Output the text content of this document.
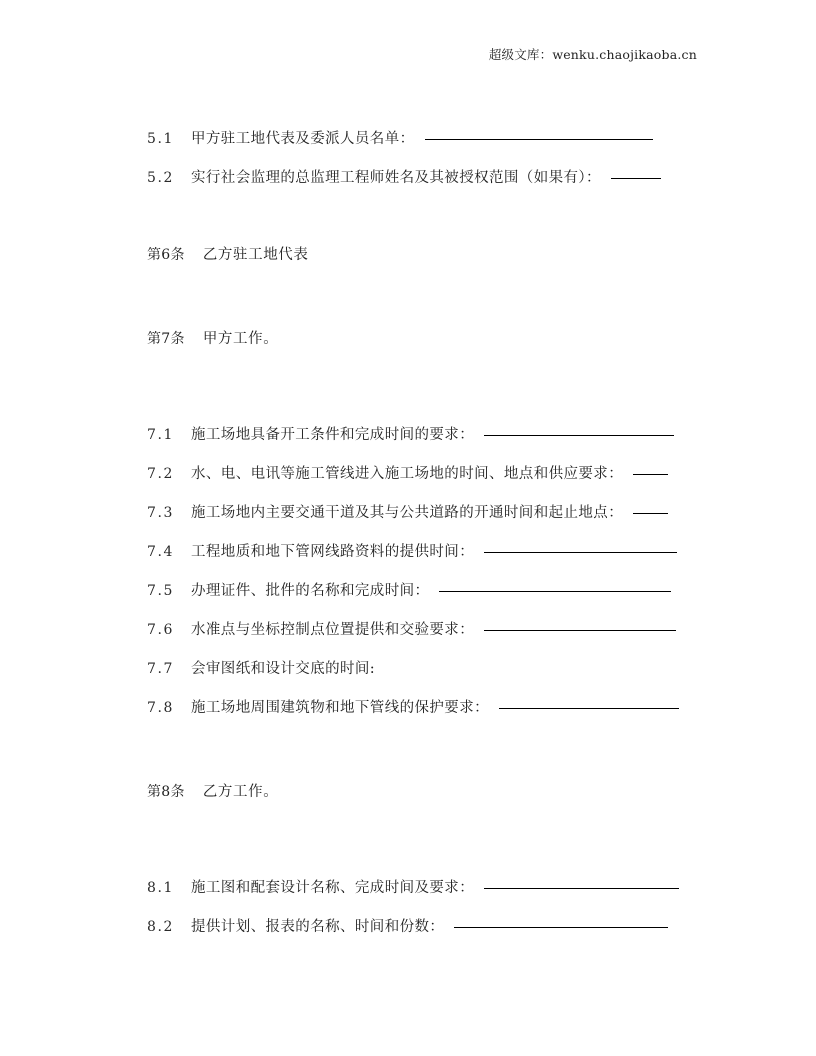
超级文库：wenku.chaojikaoba.cn
5.1	甲方驻工地代表及委派人员名单：
5.2	实行社会监理的总监理工程师姓名及其被授权范围（如果有）：
第6条 乙方驻工地代表
第7条 甲方工作。
7.1	施工场地具备开工条件和完成时间的要求：
7.2	水、电、电讯等施工管线进入施工场地的时间、地点和供应要求：
7.3	施工场地内主要交通干道及其与公共道路的开通时间和起止地点：
7.4	工程地质和地下管网线路资料的提供时间：
7.5	办理证件、批件的名称和完成时间：
7.6	水准点与坐标控制点位置提供和交验要求：
7.7	会审图纸和设计交底的时间:
7.8	施工场地周围建筑物和地下管线的保护要求：
第8条 乙方工作。
8.1	施工图和配套设计名称、完成时间及要求：
8.2	提供计划、报表的名称、时间和份数：
